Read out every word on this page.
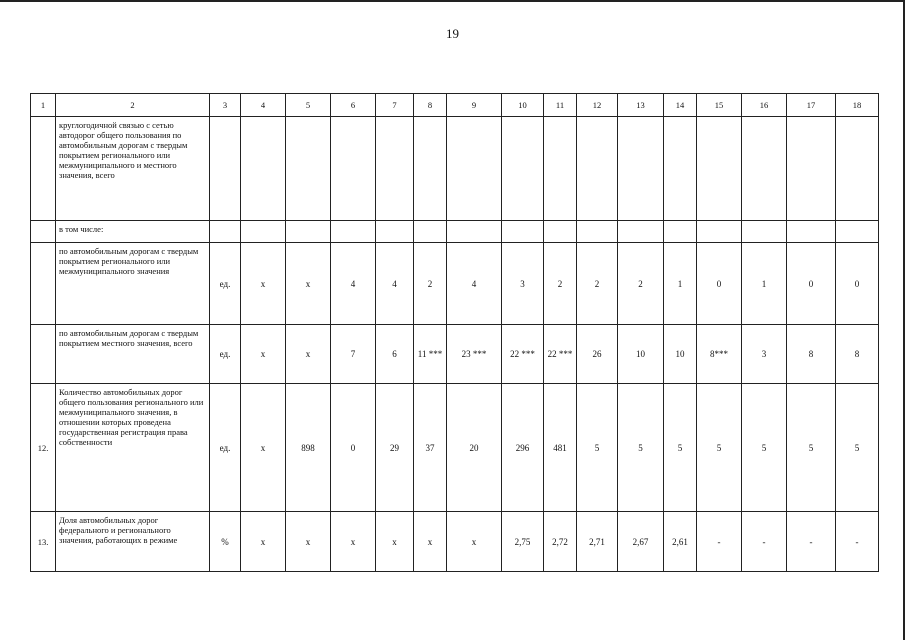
19
1	2	3	4	5	6	7	8	9	10	11	12	13	14	15	16	17	18
	круглогодичной связью с сетью автодорог общего пользования по автомобильным дорогам с твердым покрытием регионального или межмуниципального и местного значения, всего																
	в том числе:																
	по автомобильным дорогам с твердым покрытием регионального или межмуниципального значения	ед.	х	х	4	4	2	4	3	2	2	2	1	0	1	0	0
	по автомобильным дорогам с твердым покрытием местного значения, всего	ед.	х	х	7	6	11 ***	23 ***	22 ***	22 ***	26	10	10	8***	3	8	8
12.	Количество автомобильных дорог общего пользования регионального или межмуниципального значения, в отношении которых проведена государственная регистрация права собственности	ед.	х	898	0	29	37	20	296	481	5	5	5	5	5	5	5
13.	Доля автомобильных дорог федерального и регионального значения, работающих в режиме	%	х	х	х	х	х	х	2,75	2,72	2,71	2,67	2,61	-	-	-	-
